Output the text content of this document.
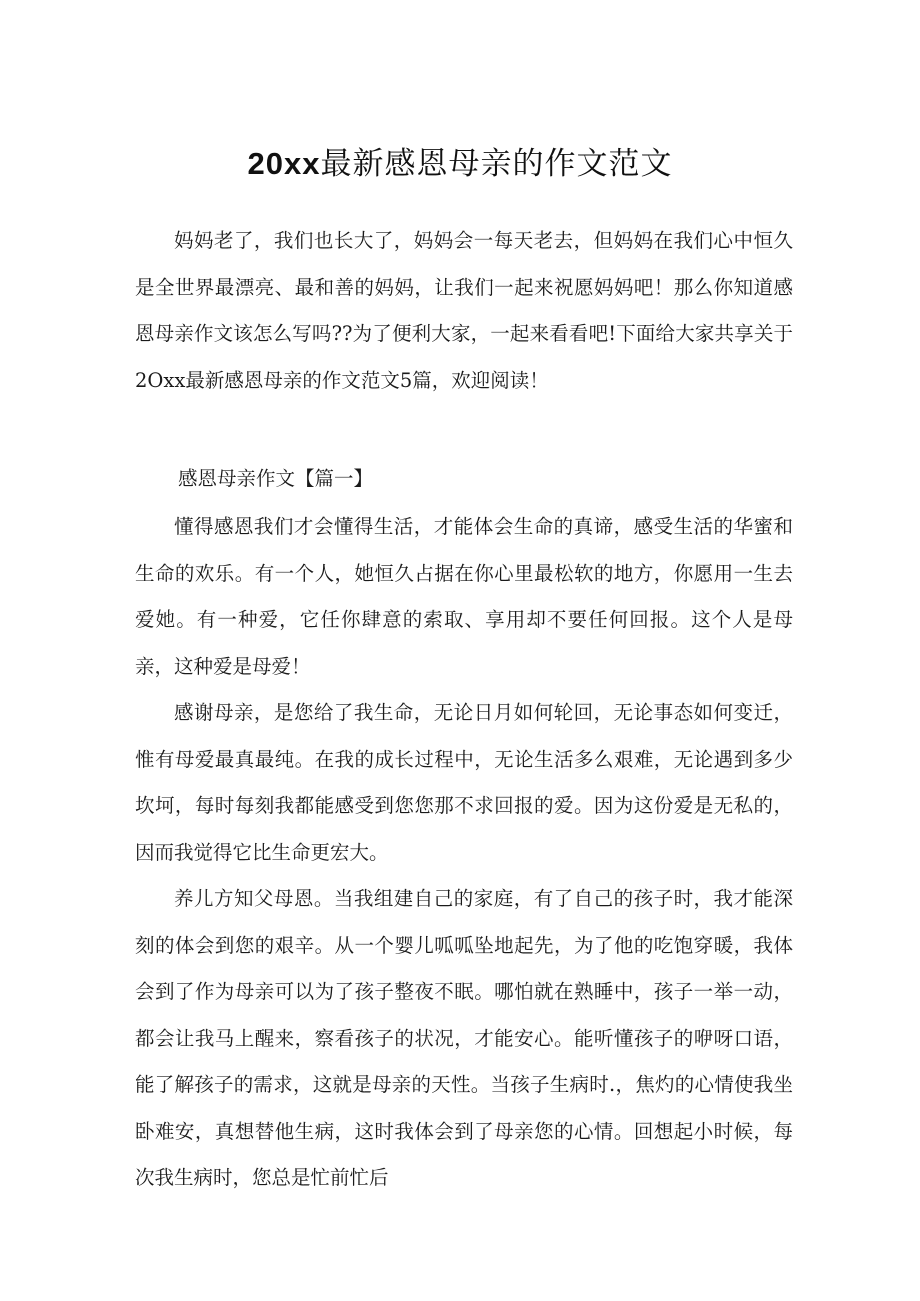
20xx最新感恩母亲的作文范文

妈妈老了，我们也长大了，妈妈会一每天老去，但妈妈在我们心中恒久是全世界最漂亮、最和善的妈妈，让我们一起来祝愿妈妈吧！那么你知道感恩母亲作文该怎么写吗??为了便利大家，一起来看看吧!下面给大家共享关于2Oxx最新感恩母亲的作文范文5篇，欢迎阅读！

感恩母亲作文【篇一】

懂得感恩我们才会懂得生活，才能体会生命的真谛，感受生活的华蜜和生命的欢乐。有一个人，她恒久占据在你心里最松软的地方，你愿用一生去爱她。有一种爱，它任你肆意的索取、享用却不要任何回报。这个人是母亲，这种爱是母爱！

感谢母亲，是您给了我生命，无论日月如何轮回，无论事态如何变迁，惟有母爱最真最纯。在我的成长过程中，无论生活多么艰难，无论遇到多少坎坷，每时每刻我都能感受到您您那不求回报的爱。因为这份爱是无私的，因而我觉得它比生命更宏大。

养儿方知父母恩。当我组建自己的家庭，有了自己的孩子时，我才能深刻的体会到您的艰辛。从一个婴儿呱呱坠地起先，为了他的吃饱穿暖，我体会到了作为母亲可以为了孩子整夜不眠。哪怕就在熟睡中，孩子一举一动，都会让我马上醒来，察看孩子的状况，才能安心。能听懂孩子的咿呀口语，能了解孩子的需求，这就是母亲的天性。当孩子生病时.，焦灼的心情使我坐卧难安，真想替他生病，这时我体会到了母亲您的心情。回想起小时候，每次我生病时，您总是忙前忙后
